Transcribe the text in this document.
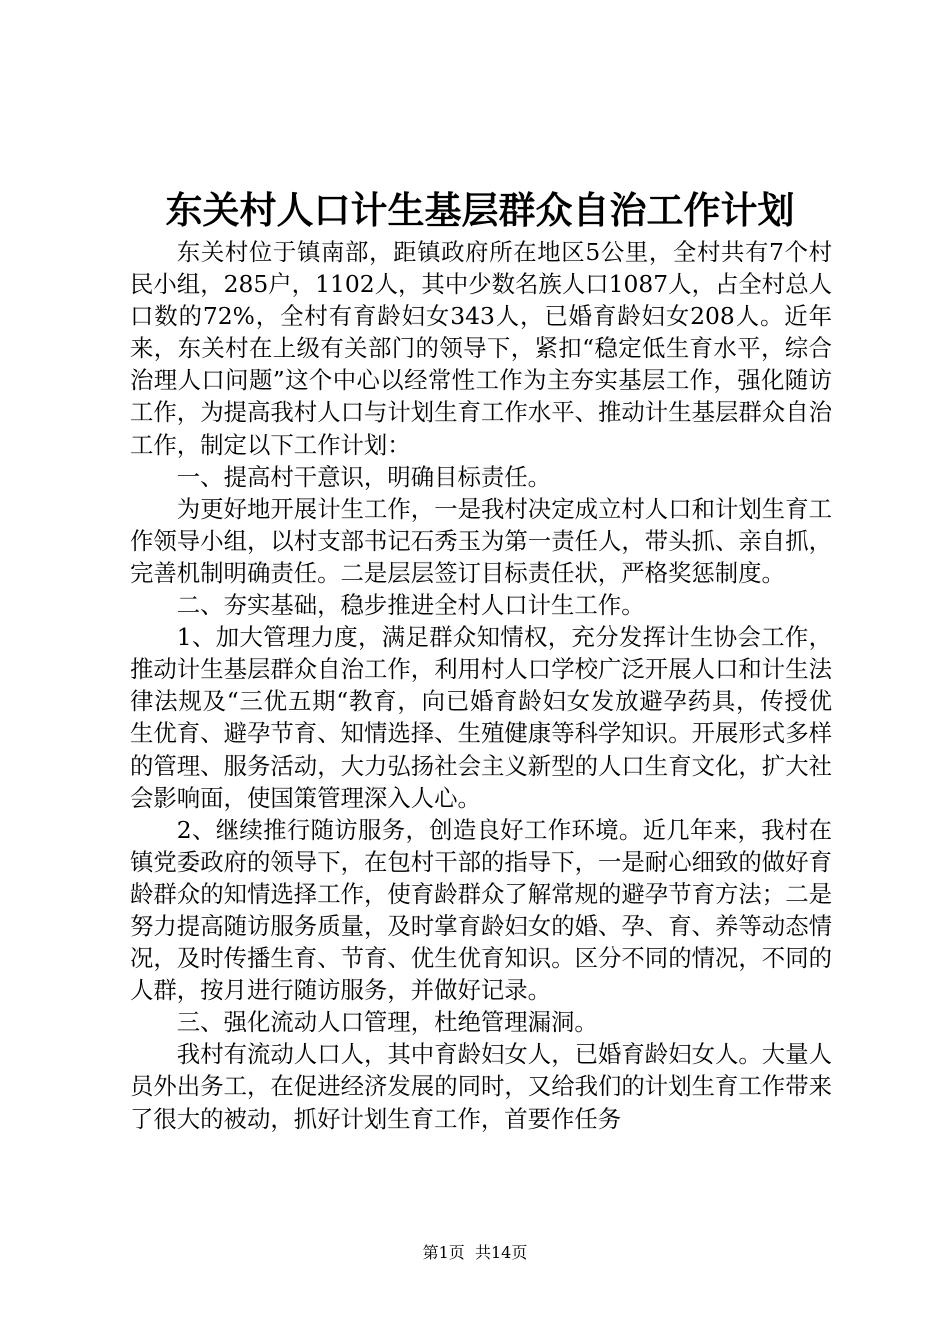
东关村人口计生基层群众自治工作计划

东关村位于镇南部，距镇政府所在地区5公里，全村共有7个村民小组，285户，1102人，其中少数名族人口1087人，占全村总人口数的72%，全村有育龄妇女343人，已婚育龄妇女208人。近年来，东关村在上级有关部门的领导下，紧扣“稳定低生育水平，综合治理人口问题”这个中心以经常性工作为主夯实基层工作，强化随访工作，为提高我村人口与计划生育工作水平、推动计生基层群众自治工作，制定以下工作计划：

一、提高村干意识，明确目标责任。

为更好地开展计生工作，一是我村决定成立村人口和计划生育工作领导小组，以村支部书记石秀玉为第一责任人，带头抓、亲自抓，完善机制明确责任。二是层层签订目标责任状，严格奖惩制度。

二、夯实基础，稳步推进全村人口计生工作。

1、加大管理力度，满足群众知情权，充分发挥计生协会工作，推动计生基层群众自治工作，利用村人口学校广泛开展人口和计生法律法规及“三优五期“教育，向已婚育龄妇女发放避孕药具，传授优生优育、避孕节育、知情选择、生殖健康等科学知识。开展形式多样的管理、服务活动，大力弘扬社会主义新型的人口生育文化，扩大社会影响面，使国策管理深入人心。

2、继续推行随访服务，创造良好工作环境。近几年来，我村在镇党委政府的领导下，在包村干部的指导下，一是耐心细致的做好育龄群众的知情选择工作，使育龄群众了解常规的避孕节育方法；二是努力提高随访服务质量，及时掌育龄妇女的婚、孕、育、养等动态情况，及时传播生育、节育、优生优育知识。区分不同的情况，不同的人群，按月进行随访服务，并做好记录。

三、强化流动人口管理，杜绝管理漏洞。

我村有流动人口人，其中育龄妇女人，已婚育龄妇女人。大量人员外出务工，在促进经济发展的同时，又给我们的计划生育工作带来了很大的被动，抓好计划生育工作，首要作任务

第1页 共14页
